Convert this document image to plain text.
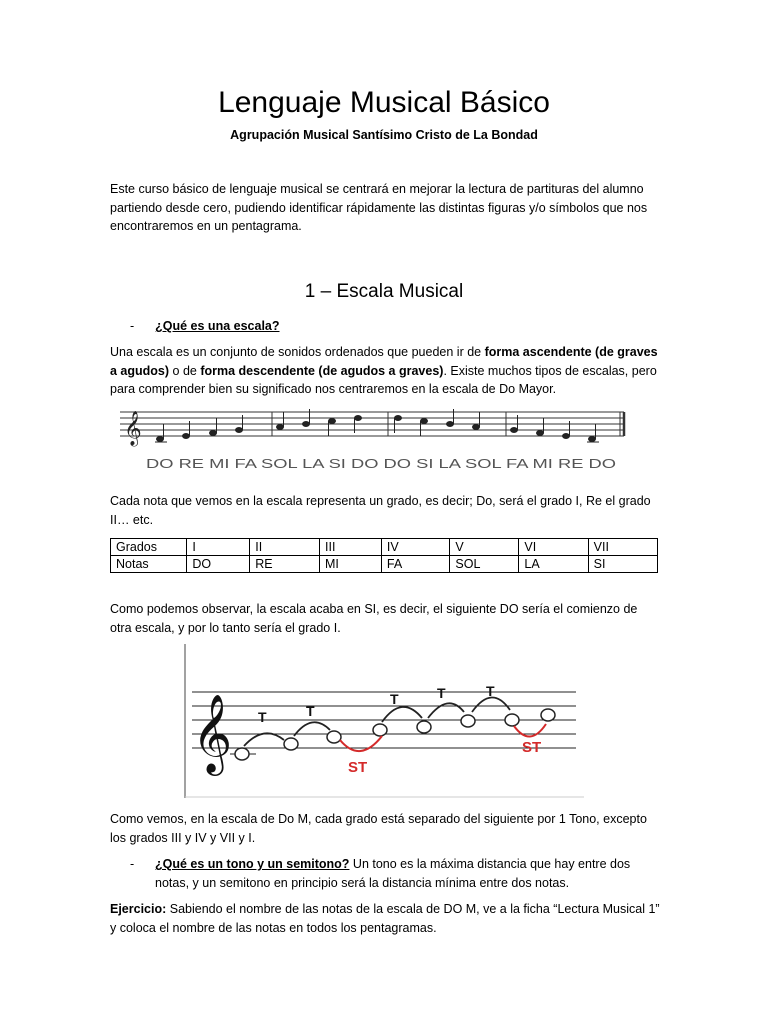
Lenguaje Musical Básico
Agrupación Musical Santísimo Cristo de La Bondad
Este curso básico de lenguaje musical se centrará en mejorar la lectura de partituras del alumno partiendo desde cero, pudiendo identificar rápidamente las distintas figuras y/o símbolos que nos encontraremos en un pentagrama.
1 – Escala Musical
- ¿Qué es una escala?
Una escala es un conjunto de sonidos ordenados que pueden ir de forma ascendente (de graves a agudos) o de forma descendente (de agudos a graves). Existe muchos tipos de escalas, pero para comprender bien su significado nos centraremos en la escala de Do Mayor.
𝄞
DO RE MI FA SOL LA SI DO DO SI LA SOL FA MI RE DO
Cada nota que vemos en la escala representa un grado, es decir; Do, será el grado I, Re el grado II… etc.
Grados	I	II	III	IV	V	VI	VII
Notas	DO	RE	MI	FA	SOL	LA	SI
Como podemos observar, la escala acaba en SI, es decir, el siguiente DO sería el comienzo de otra escala, y por lo tanto sería el grado I.
𝄞 T	T
T	T	T
ST
ST
Como vemos, en la escala de Do M, cada grado está separado del siguiente por 1 Tono, excepto los grados III y IV y VII y I.
-	¿Qué es un tono y un semitono? Un tono es la máxima distancia que hay entre dos notas, y un semitono en principio será la distancia mínima entre dos notas.
Ejercicio: Sabiendo el nombre de las notas de la escala de DO M, ve a la ficha “Lectura Musical 1” y coloca el nombre de las notas en todos los pentagramas.
